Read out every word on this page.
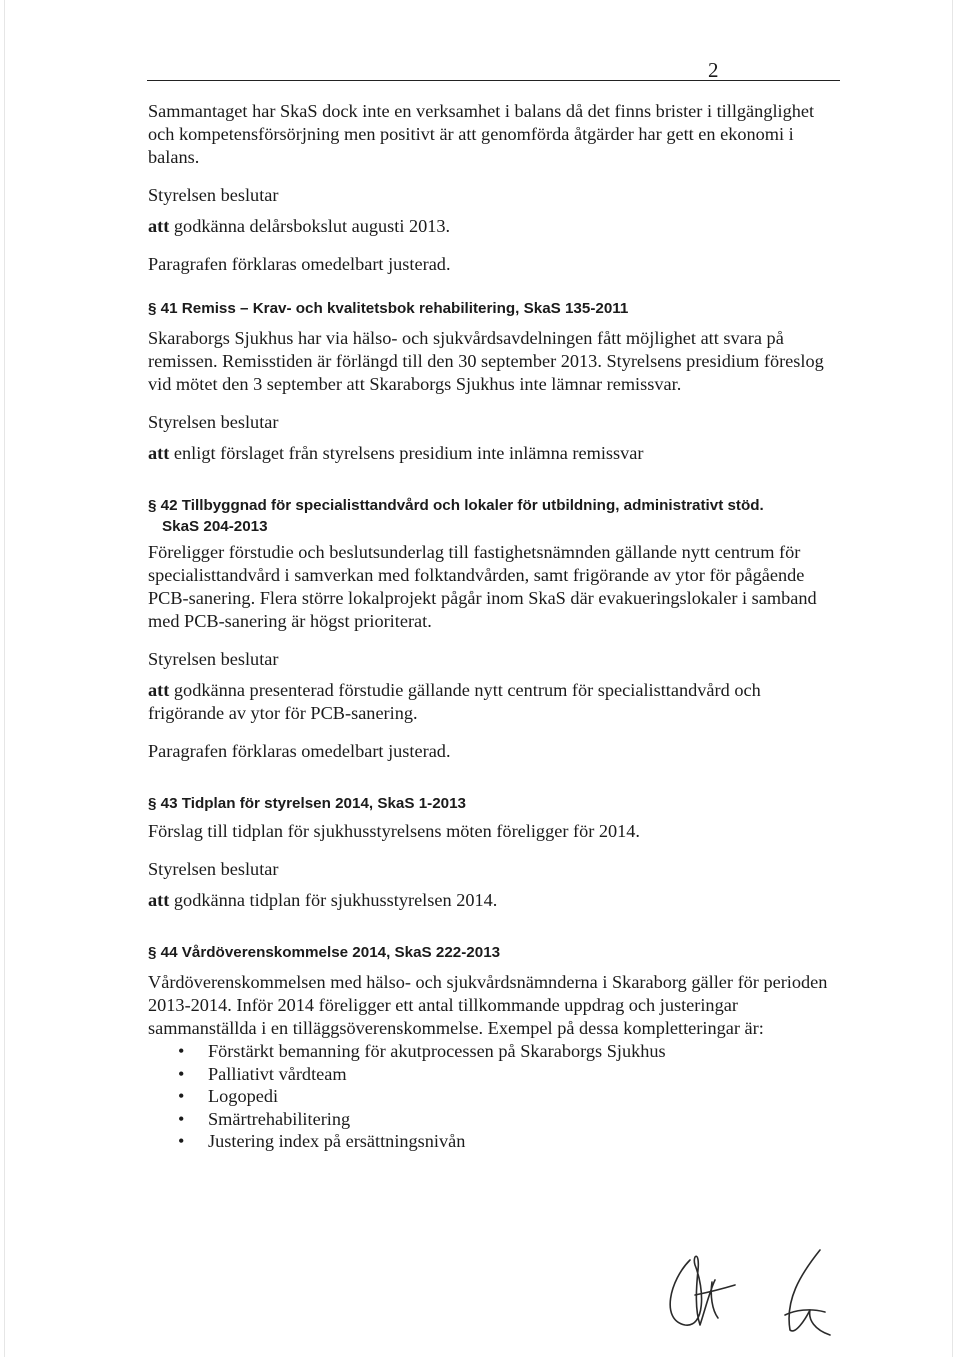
2

Sammantaget har SkaS dock inte en verksamhet i balans då det finns brister i tillgänglighet och kompetensförsörjning men positivt är att genomförda åtgärder har gett en ekonomi i balans.

Styrelsen beslutar

att godkänna delårsbokslut augusti 2013.

Paragrafen förklaras omedelbart justerad.

§ 41 Remiss – Krav- och kvalitetsbok rehabilitering, SkaS 135-2011

Skaraborgs Sjukhus har via hälso- och sjukvårdsavdelningen fått möjlighet att svara på remissen. Remisstiden är förlängd till den 30 september 2013. Styrelsens presidium föreslog vid mötet den 3 september att Skaraborgs Sjukhus inte lämnar remissvar.

Styrelsen beslutar

att enligt förslaget från styrelsens presidium inte inlämna remissvar

§ 42 Tillbyggnad för specialisttandvård och lokaler för utbildning, administrativt stöd.

SkaS 204-2013

Föreligger förstudie och beslutsunderlag till fastighetsnämnden gällande nytt centrum för specialisttandvård i samverkan med folktandvården, samt frigörande av ytor för pågående PCB-sanering. Flera större lokalprojekt pågår inom SkaS där evakueringslokaler i samband med PCB-sanering är högst prioriterat.

Styrelsen beslutar

att godkänna presenterad förstudie gällande nytt centrum för specialisttandvård och frigörande av ytor för PCB-sanering.

Paragrafen förklaras omedelbart justerad.

§ 43 Tidplan för styrelsen 2014, SkaS 1-2013

Förslag till tidplan för sjukhusstyrelsens möten föreligger för 2014.

Styrelsen beslutar

att godkänna tidplan för sjukhusstyrelsen 2014.

§ 44 Vårdöverenskommelse 2014, SkaS 222-2013

Vårdöverenskommelsen med hälso- och sjukvårdsnämnderna i Skaraborg gäller för perioden 2013-2014. Inför 2014 föreligger ett antal tillkommande uppdrag och justeringar sammanställda i en tilläggsöverenskommelse. Exempel på dessa kompletteringar är:

• Förstärkt bemanning för akutprocessen på Skaraborgs Sjukhus
• Palliativt vårdteam
• Logopedi
• Smärtrehabilitering
• Justering index på ersättningsnivån
